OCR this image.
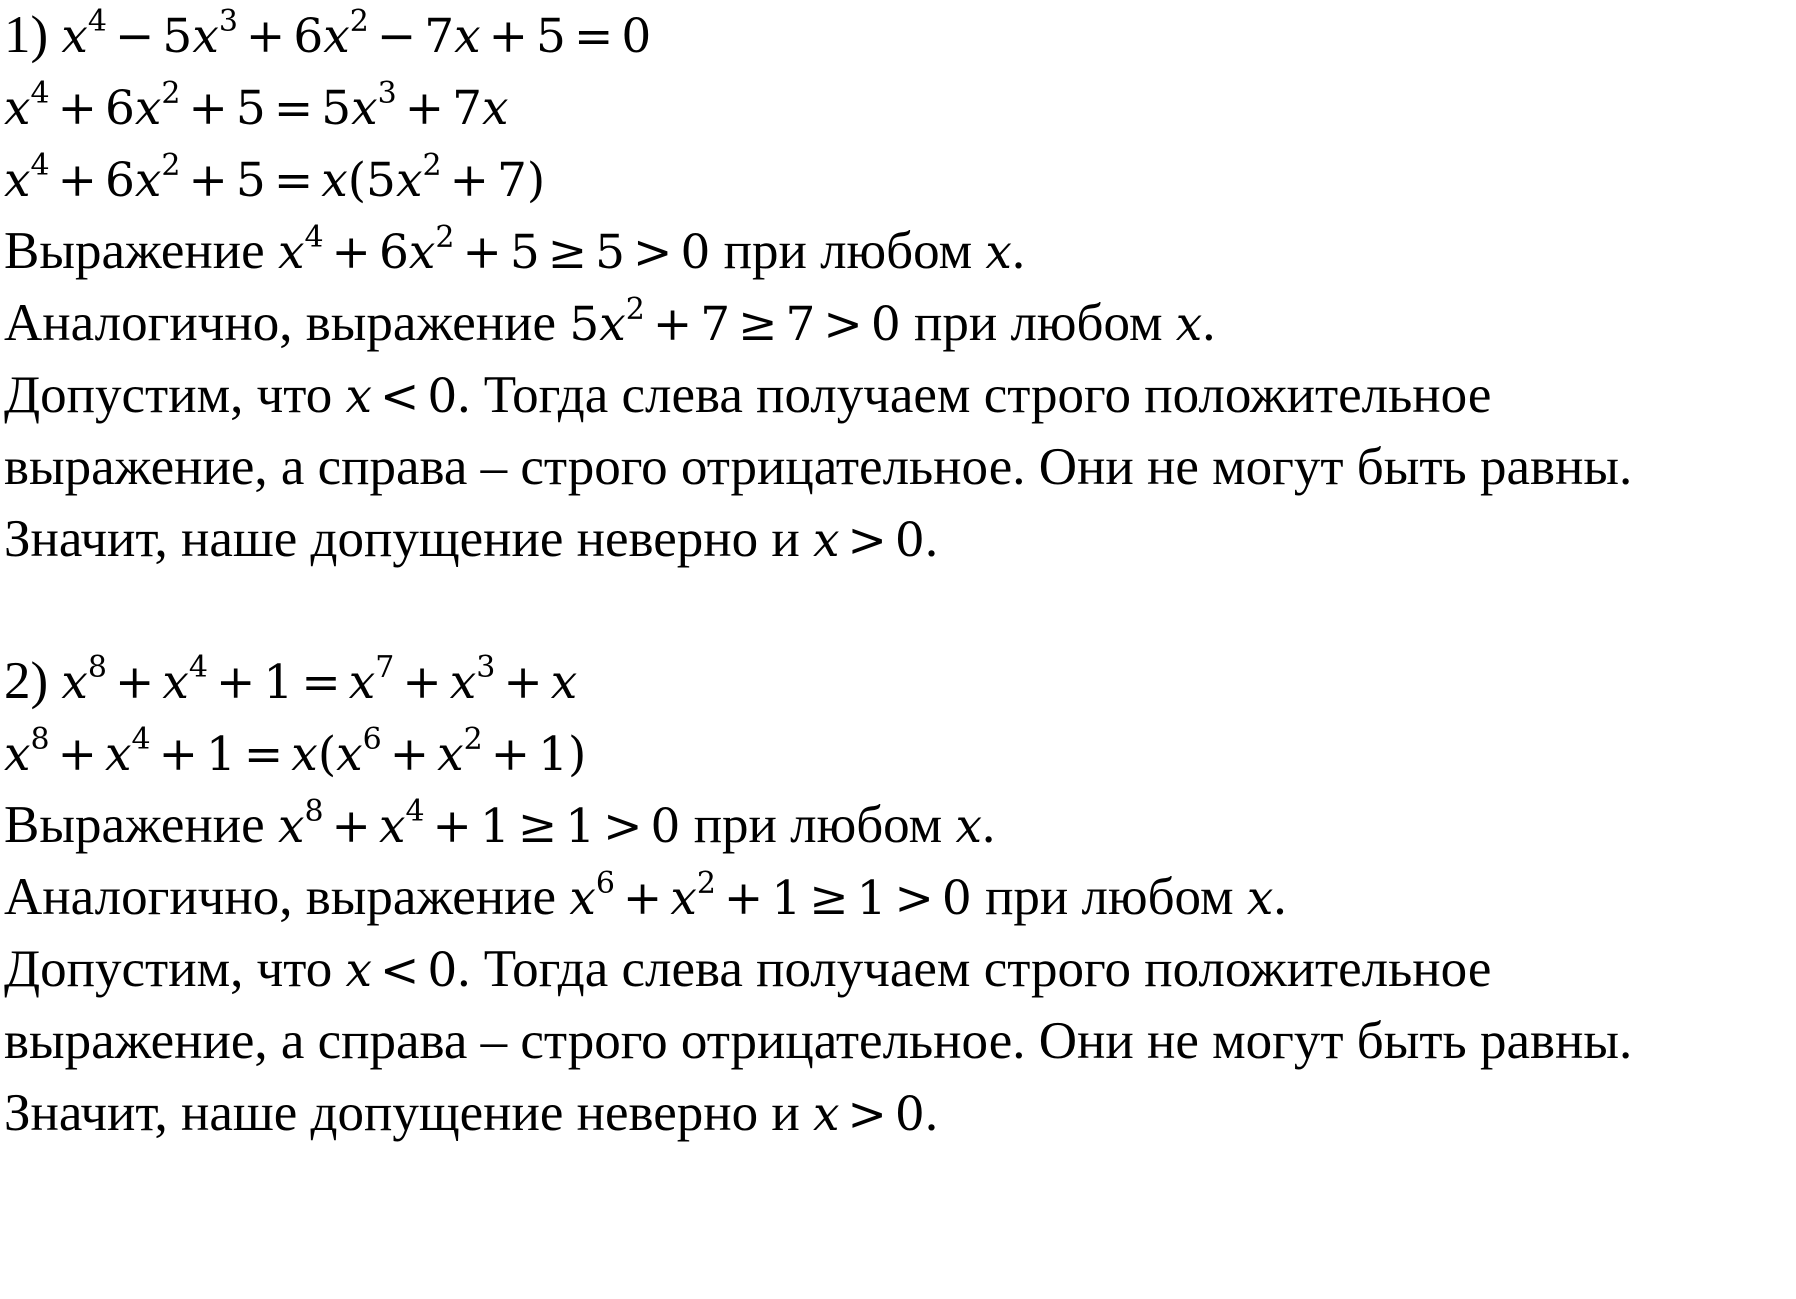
1) $x^4 - 5x^3 + 6x^2 - 7x + 5 = 0$
$x^4 + 6x^2 + 5 = 5x^3 + 7x$
$x^4 + 6x^2 + 5 = x(5x^2 + 7)$
Выражение $x^4 + 6x^2 + 5 \ge 5 > 0$ при любом x.
Аналогично, выражение $5x^2 + 7 \ge 7 > 0$ при любом x.
Допустим, что x < 0. Тогда слева получаем строго положительное
выражение, а справа – строго отрицательное. Они не могут быть равны.
Значит, наше допущение неверно и x > 0.
2) $x^8 + x^4 + 1 = x^7 + x^3 + x$
$x^8 + x^4 + 1 = x(x^6 + x^2 + 1)$
Выражение $x^8 + x^4 + 1 \ge 1 > 0$ при любом x.
Аналогично, выражение $x^6 + x^2 + 1 \ge 1 > 0$ при любом x.
Допустим, что x < 0. Тогда слева получаем строго положительное
выражение, а справа – строго отрицательное. Они не могут быть равны.
Значит, наше допущение неверно и x > 0.
